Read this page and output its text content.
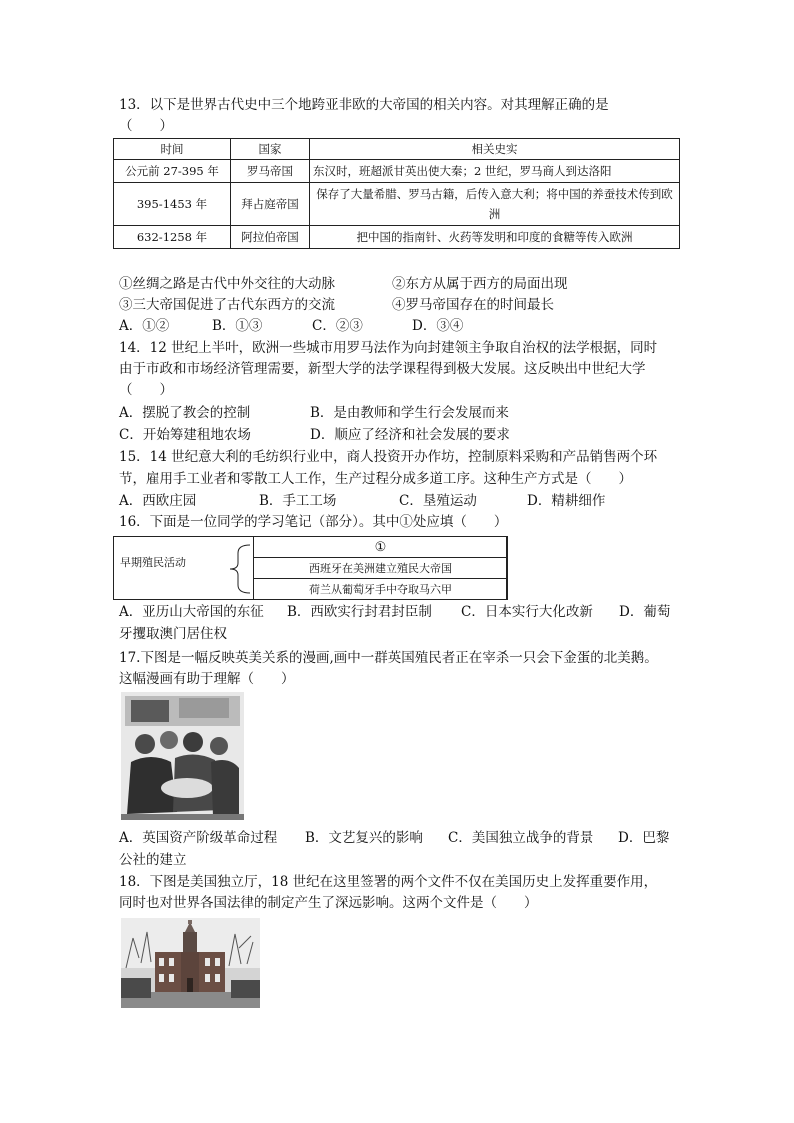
13．以下是世界古代史中三个地跨亚非欧的大帝国的相关内容。对其理解正确的是
（　　）
时间	国家	相关史实
公元前 27-395 年	罗马帝国	东汉时，班超派甘英出使大秦；2 世纪，罗马商人到达洛阳
395-1453 年	拜占庭帝国	保存了大量希腊、罗马古籍，后传入意大利；将中国的养蚕技术传到欧洲
632-1258 年	阿拉伯帝国	把中国的指南针、火药等发明和印度的食糖等传入欧洲
①丝绸之路是古代中外交往的大动脉	②东方从属于西方的局面出现
③三大帝国促进了古代东西方的交流	④罗马帝国存在的时间最长
A．①②	B．①③	C．②③	D．③④
14．12 世纪上半叶，欧洲一些城市用罗马法作为向封建领主争取自治权的法学根据，同时
由于市政和市场经济管理需要，新型大学的法学课程得到极大发展。这反映出中世纪大学
（　　）
A．摆脱了教会的控制	B．是由教师和学生行会发展而来
C．开始筹建租地农场	D．顺应了经济和社会发展的要求
15．14 世纪意大利的毛纺织行业中，商人投资开办作坊，控制原料采购和产品销售两个环
节，雇用手工业者和零散工人工作，生产过程分成多道工序。这种生产方式是（　　）
A．西欧庄园	B．手工工场	C．垦殖运动	D．精耕细作
16．下面是一位同学的学习笔记（部分）。其中①处应填（　　）
早期殖民活动
①
西班牙在美洲建立殖民大帝国
荷兰从葡萄牙手中夺取马六甲
A．亚历山大帝国的东征 B．西欧实行封君封臣制 C．日本实行大化改新 D．葡萄
牙攫取澳门居住权
17.下图是一幅反映英美关系的漫画,画中一群英国殖民者正在宰杀一只会下金蛋的北美鹅。
这幅漫画有助于理解（　　）
A．英国资产阶级革命过程 B．文艺复兴的影响 C．美国独立战争的背景 D．巴黎
公社的建立
18．下图是美国独立厅，18 世纪在这里签署的两个文件不仅在美国历史上发挥重要作用，
同时也对世界各国法律的制定产生了深远影响。这两个文件是（　　）
